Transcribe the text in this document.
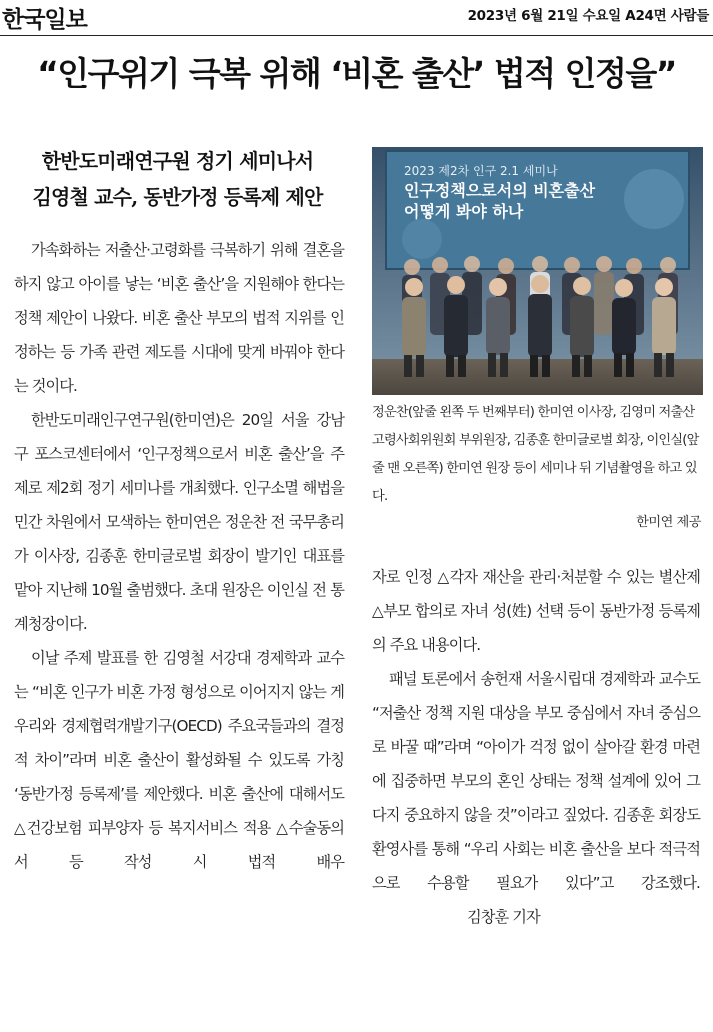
한국일보	2023년 6월 21일 수요일 A24면 사람들
“인구위기 극복 위해 ‘비혼 출산’ 법적 인정을”
한반도미래연구원 정기 세미나서
김영철 교수, 동반가정 등록제 제안

가속화하는 저출산·고령화를 극복하기 위해 결혼을 하지 않고 아이를 낳는 ‘비혼 출산’을 지원해야 한다는 정책 제안이 나왔다. 비혼 출산 부모의 법적 지위를 인정하는 등 가족 관련 제도를 시대에 맞게 바꿔야 한다는 것이다.

한반도미래인구연구원(한미연)은 20일 서울 강남구 포스코센터에서 ‘인구정책으로서 비혼 출산’을 주제로 제2회 정기 세미나를 개최했다. 인구소멸 해법을 민간 차원에서 모색하는 한미연은 정운찬 전 국무총리가 이사장, 김종훈 한미글로벌 회장이 발기인 대표를 맡아 지난해 10월 출범했다. 초대 원장은 이인실 전 통계청장이다.

이날 주제 발표를 한 김영철 서강대 경제학과 교수는 “비혼 인구가 비혼 가정 형성으로 이어지지 않는 게 우리와 경제협력개발기구(OECD) 주요국들과의 결정적 차이”라며 비혼 출산이 활성화될 수 있도록 가칭 ‘동반가정 등록제’를 제안했다. 비혼 출산에 대해서도 △건강보험 피부양자 등 복지서비스 적용 △수술동의서 등 작성 시 법적 배우

2023 제2차 인구 2.1 세미나
인구정책으로서의 비혼출산
어떻게 봐야 하나
정운찬(앞줄 왼쪽 두 번째부터) 한미연 이사장, 김영미 저출산고령사회위원회 부위원장, 김종훈 한미글로벌 회장, 이인실(앞줄 맨 오른쪽) 한미연 원장 등이 세미나 뒤 기념촬영을 하고 있다.
한미연 제공

자로 인정 △각자 재산을 관리·처분할 수 있는 별산제 △부모 합의로 자녀 성(姓) 선택 등이 동반가정 등록제의 주요 내용이다.

패널 토론에서 송헌재 서울시립대 경제학과 교수도 “저출산 정책 지원 대상을 부모 중심에서 자녀 중심으로 바꿀 때”라며 “아이가 걱정 없이 살아갈 환경 마련에 집중하면 부모의 혼인 상태는 정책 설계에 있어 그다지 중요하지 않을 것”이라고 짚었다. 김종훈 회장도 환영사를 통해 “우리 사회는 비혼 출산을 보다 적극적으로 수용할 필요가 있다”고 강조했다.김창훈 기자
